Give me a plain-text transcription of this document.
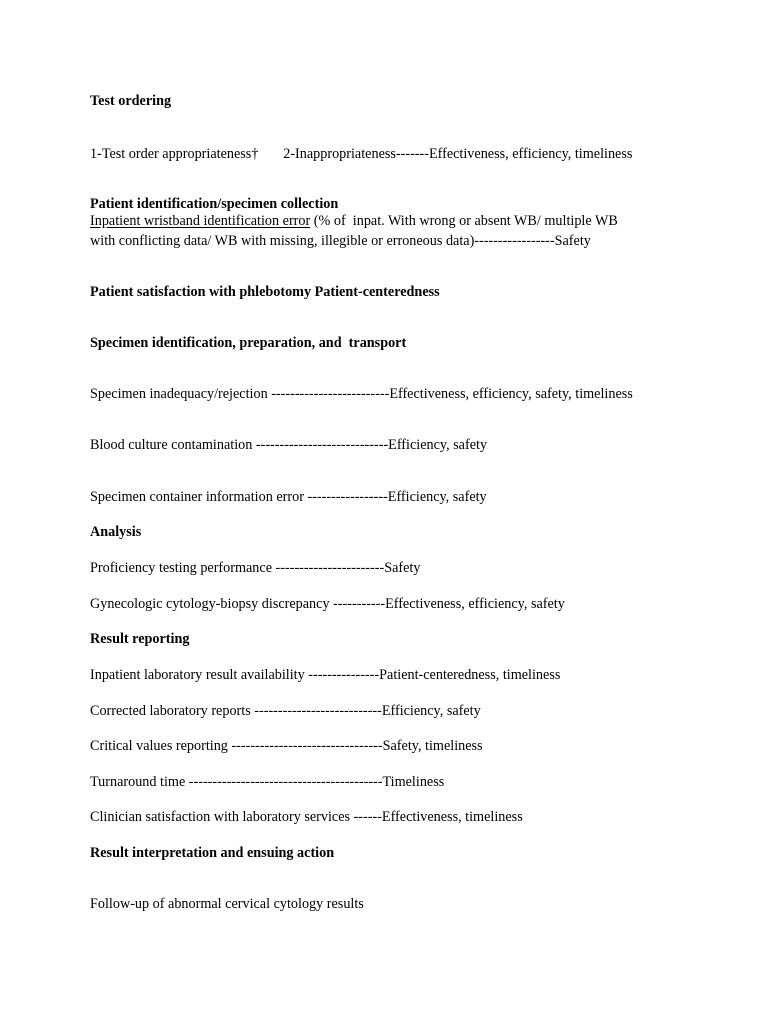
Test ordering

1-Test order appropriateness†       2-Inappropriateness-------Effectiveness, efficiency, timeliness

Patient identification/specimen collection

Inpatient wristband identification error (% of  inpat. With wrong or absent WB/ multiple WB

with conflicting data/ WB with missing, illegible or erroneous data)-----------------Safety

Patient satisfaction with phlebotomy Patient-centeredness

Specimen identification, preparation, and  transport

Specimen inadequacy/rejection -------------------------Effectiveness, efficiency, safety, timeliness

Blood culture contamination ----------------------------Efficiency, safety

Specimen container information error -----------------Efficiency, safety

Analysis

Proficiency testing performance -----------------------Safety

Gynecologic cytology-biopsy discrepancy -----------Effectiveness, efficiency, safety

Result reporting

Inpatient laboratory result availability ---------------Patient-centeredness, timeliness

Corrected laboratory reports ---------------------------Efficiency, safety

Critical values reporting --------------------------------Safety, timeliness

Turnaround time -----------------------------------------Timeliness

Clinician satisfaction with laboratory services ------Effectiveness, timeliness

Result interpretation and ensuing action

Follow-up of abnormal cervical cytology results
